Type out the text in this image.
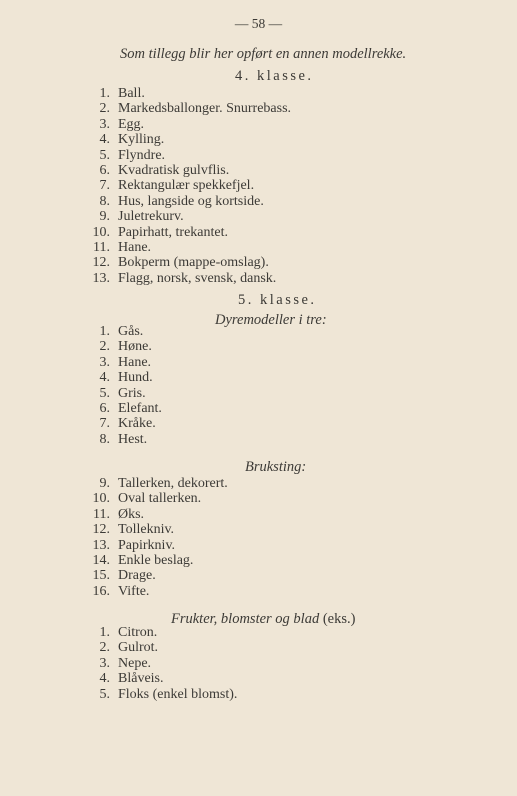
— 58 —
Som tillegg blir her opført en annen modellrekke.
4. klasse.
1. Ball.
2. Markedsballonger. Snurrebass.
3. Egg.
4. Kylling.
5. Flyndre.
6. Kvadratisk gulvflis.
7. Rektangulær spekkefjel.
8. Hus, langside og kortside.
9. Juletrekurv.
10. Papirhatt, trekantet.
11. Hane.
12. Bokperm (mappe-omslag).
13. Flagg, norsk, svensk, dansk.
5. klasse.
Dyremodeller i tre:
1. Gås.
2. Høne.
3. Hane.
4. Hund.
5. Gris.
6. Elefant.
7. Kråke.
8. Hest.
Bruksting:
9. Tallerken, dekorert.
10. Oval tallerken.
11. Øks.
12. Tollekniv.
13. Papirkniv.
14. Enkle beslag.
15. Drage.
16. Vifte.
Frukter, blomster og blad (eks.)
1. Citron.
2. Gulrot.
3. Nepe.
4. Blåveis.
5. Floks (enkel blomst).
